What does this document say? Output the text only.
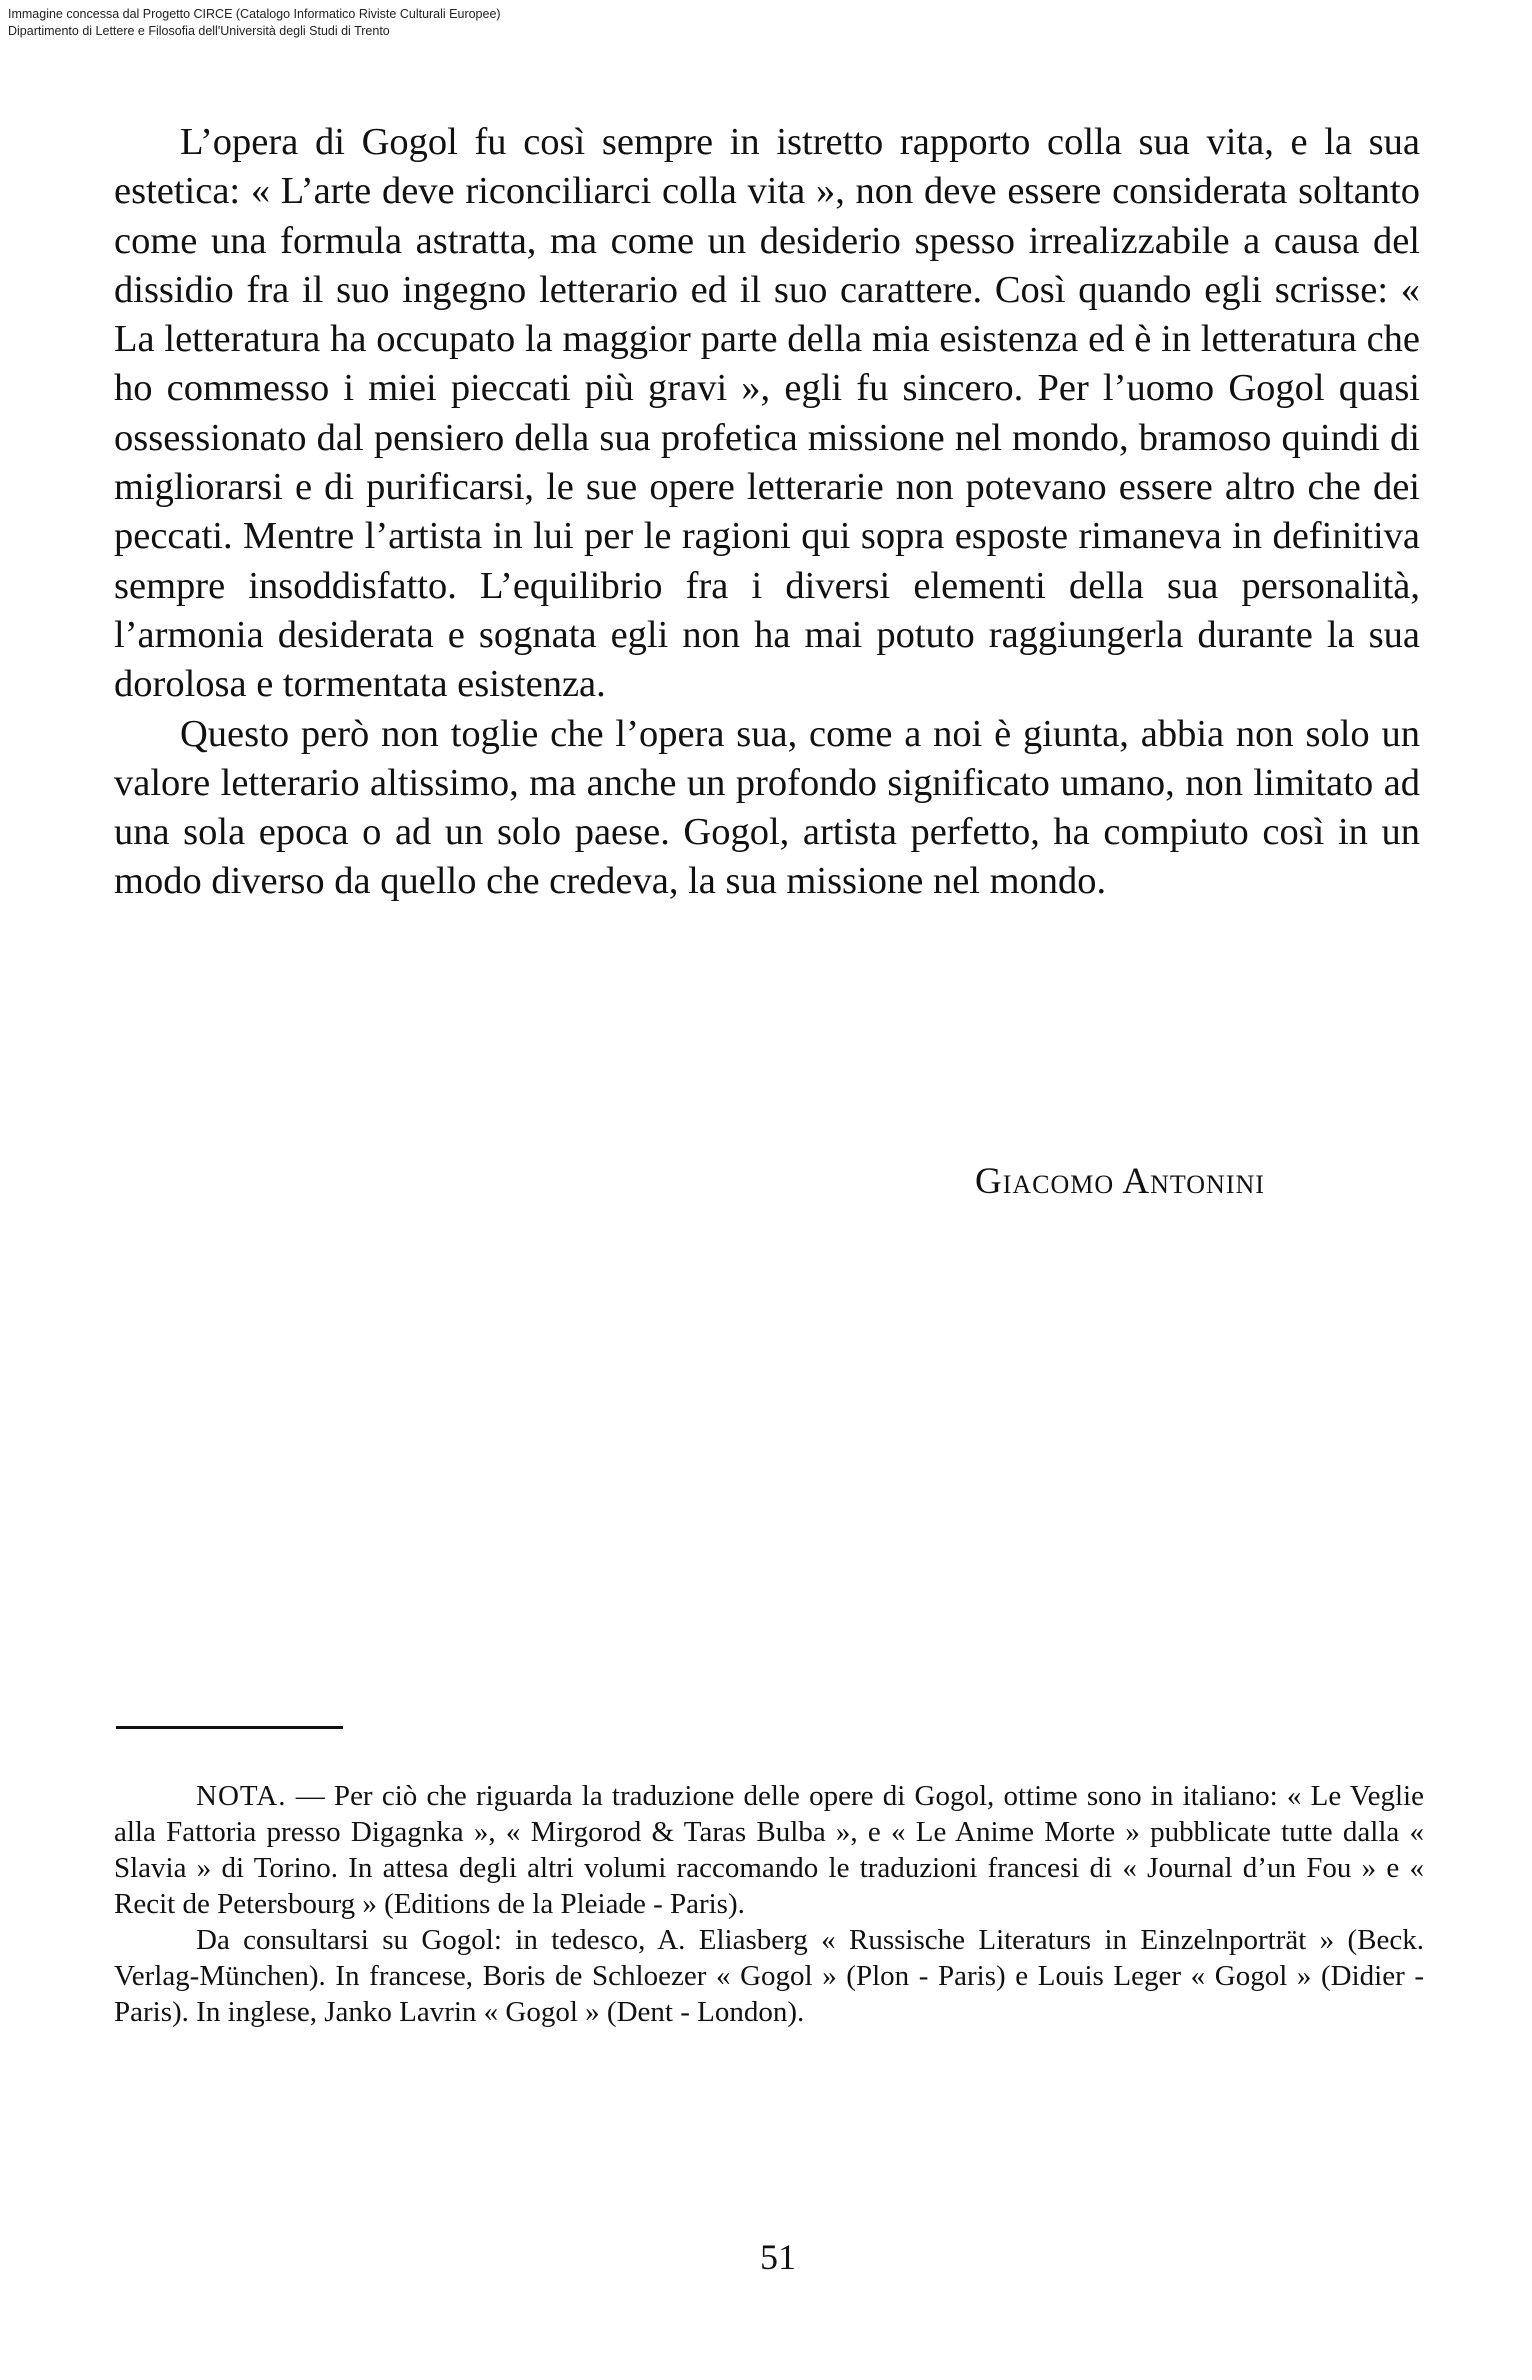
Immagine concessa dal Progetto CIRCE (Catalogo Informatico Riviste Culturali Europee)
Dipartimento di Lettere e Filosofia dell'Università degli Studi di Trento

L’opera di Gogol fu così sempre in istretto rapporto colla sua vita, e la sua estetica: « L’arte deve riconciliarci colla vita », non deve essere considerata soltanto come una formula astratta, ma come un desiderio spesso irrealizzabile a causa del dissidio fra il suo ingegno letterario ed il suo carattere. Così quando egli scrisse: « La letteratura ha occupato la maggior parte della mia esistenza ed è in letteratura che ho commesso i miei pieccati più gravi », egli fu sincero. Per l’uomo Gogol quasi ossessionato dal pensiero della sua profetica missione nel mondo, bramoso quindi di migliorarsi e di purificarsi, le sue opere letterarie non potevano essere altro che dei peccati. Mentre l’artista in lui per le ragioni qui sopra esposte rimaneva in definitiva sempre insoddisfatto. L’equilibrio fra i diversi elementi della sua personalità, l’armonia desiderata e sognata egli non ha mai potuto raggiungerla durante la sua dorolosa e tormentata esistenza.

Questo però non toglie che l’opera sua, come a noi è giunta, abbia non solo un valore letterario altissimo, ma anche un profondo significato umano, non limitato ad una sola epoca o ad un solo paese. Gogol, artista perfetto, ha compiuto così in un modo diverso da quello che credeva, la sua missione nel mondo.

Giacomo Antonini

NOTA. — Per ciò che riguarda la traduzione delle opere di Gogol, ottime sono in italiano: « Le Veglie alla Fattoria presso Digagnka », « Mirgorod & Taras Bulba », e « Le Anime Morte » pubblicate tutte dalla « Slavia » di Torino. In attesa degli altri volumi raccomando le traduzioni francesi di « Journal d’un Fou » e « Recit de Petersbourg » (Editions de la Pleiade - Paris).

Da consultarsi su Gogol: in tedesco, A. Eliasberg « Russische Literaturs in Einzelnporträt » (Beck. Verlag-München). In francese, Boris de Schloezer « Gogol » (Plon - Paris) e Louis Leger « Gogol » (Didier - Paris). In inglese, Janko Lavrin « Gogol » (Dent - London).

51
